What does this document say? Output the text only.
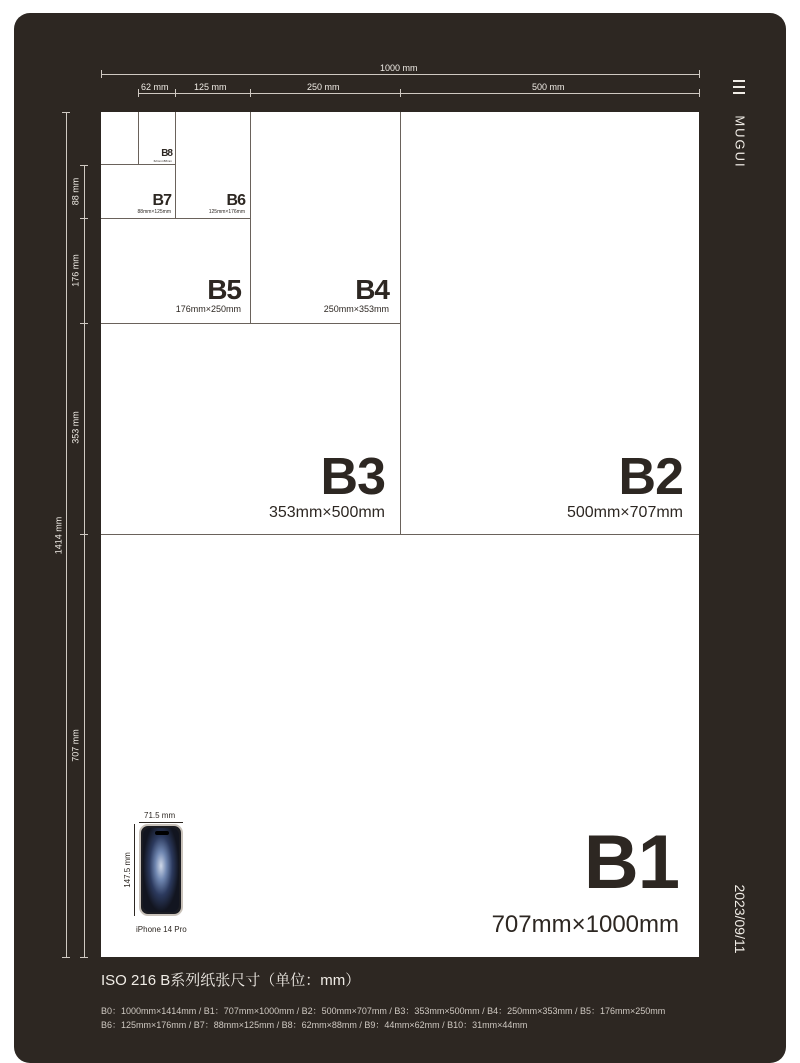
1000 mm
62 mm	125 mm	250 mm	500 mm
1414 mm
88 mm
176 mm
353 mm
707 mm
MUGUI
2023/09/11
B1
707mm×1000mm
B2
500mm×707mm
B3
353mm×500mm
B4
250mm×353mm
B5
176mm×250mm
B6
125mm×176mm
B7
88mm×125mm
B8
62mm×88mm
71.5 mm
147.5 mm
iPhone 14 Pro
ISO 216 B系列纸张尺寸（单位：mm）
B0：1000mm×1414mm / B1：707mm×1000mm / B2：500mm×707mm / B3：353mm×500mm / B4：250mm×353mm / B5：176mm×250mm
B6：125mm×176mm / B7：88mm×125mm / B8：62mm×88mm / B9：44mm×62mm / B10：31mm×44mm
